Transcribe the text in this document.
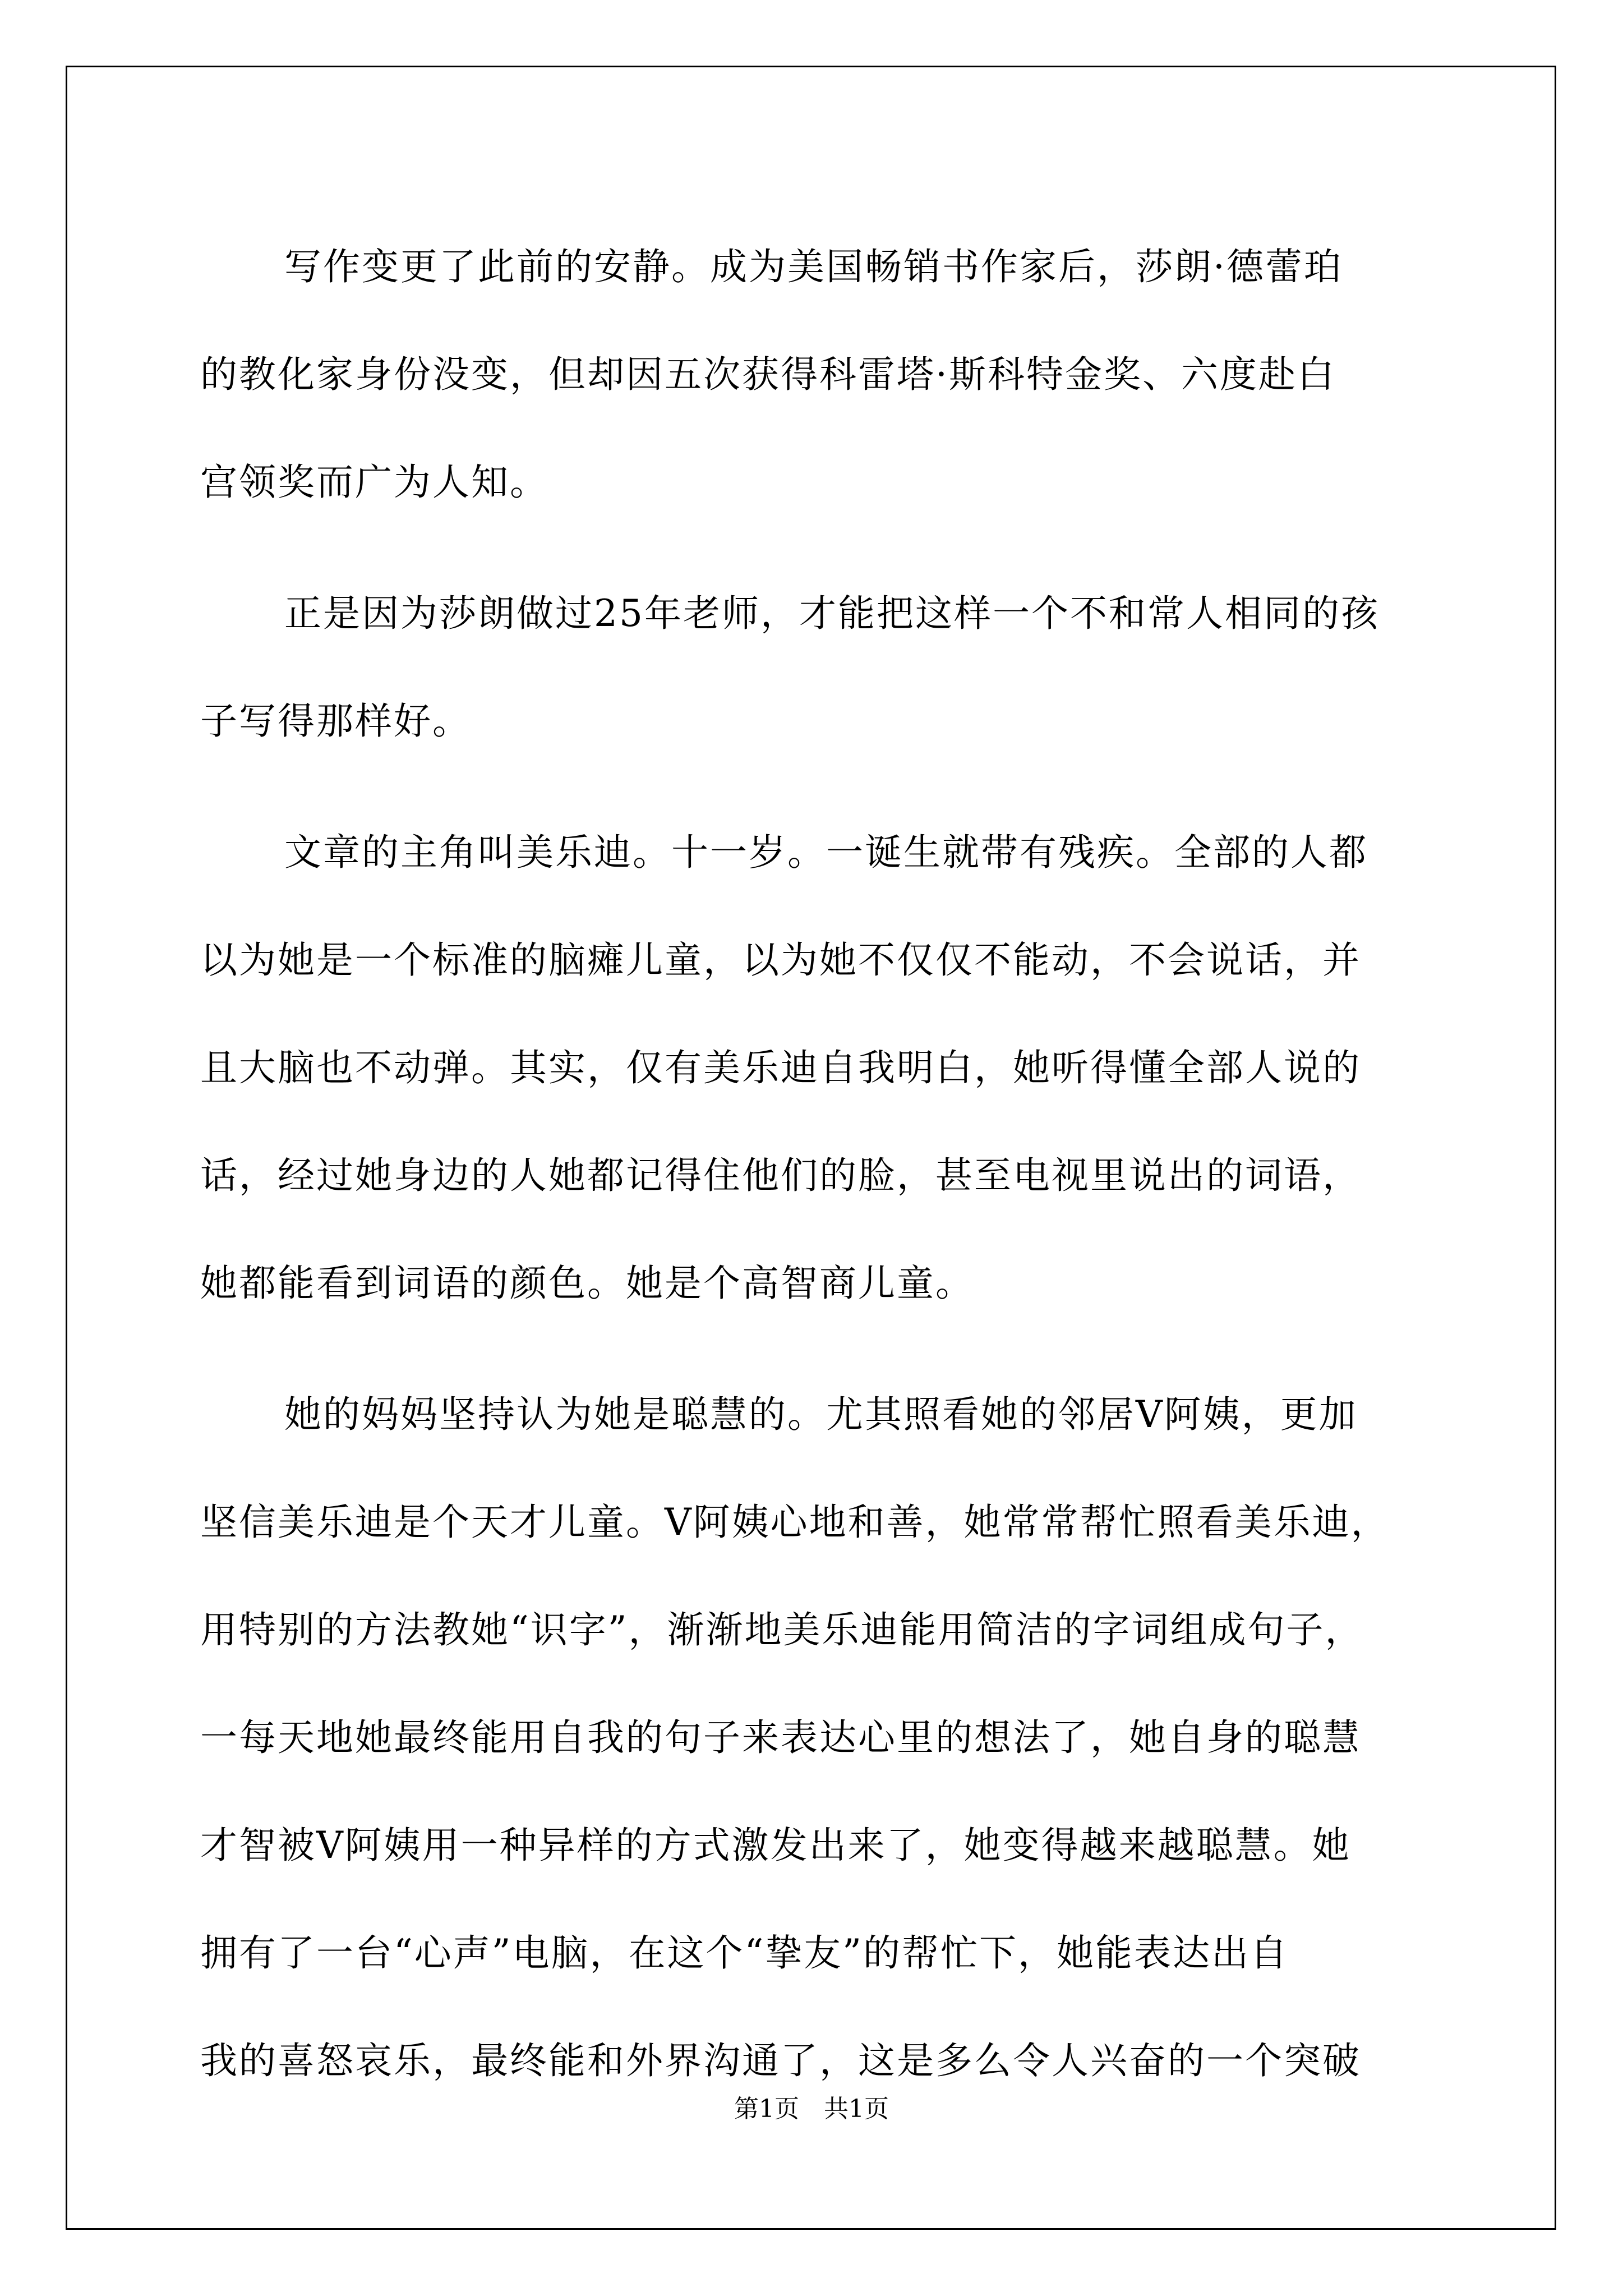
写作变更了此前的安静。成为美国畅销书作家后，莎朗·德蕾珀
的教化家身份没变，但却因五次获得科雷塔·斯科特金奖、六度赴白
宫领奖而广为人知。
正是因为莎朗做过25年老师，才能把这样一个不和常人相同的孩
子写得那样好。
文章的主角叫美乐迪。十一岁。一诞生就带有残疾。全部的人都
以为她是一个标准的脑瘫儿童，以为她不仅仅不能动，不会说话，并
且大脑也不动弹。其实，仅有美乐迪自我明白，她听得懂全部人说的
话，经过她身边的人她都记得住他们的脸，甚至电视里说出的词语，
她都能看到词语的颜色。她是个高智商儿童。
她的妈妈坚持认为她是聪慧的。尤其照看她的邻居V阿姨，更加
坚信美乐迪是个天才儿童。V阿姨心地和善，她常常帮忙照看美乐迪，
用特别的方法教她“识字”，渐渐地美乐迪能用简洁的字词组成句子，
一每天地她最终能用自我的句子来表达心里的想法了，她自身的聪慧
才智被V阿姨用一种异样的方式激发出来了，她变得越来越聪慧。她
拥有了一台“心声”电脑，在这个“挚友”的帮忙下，她能表达出自
我的喜怒哀乐，最终能和外界沟通了，这是多么令人兴奋的一个突破
第1页　共1页
